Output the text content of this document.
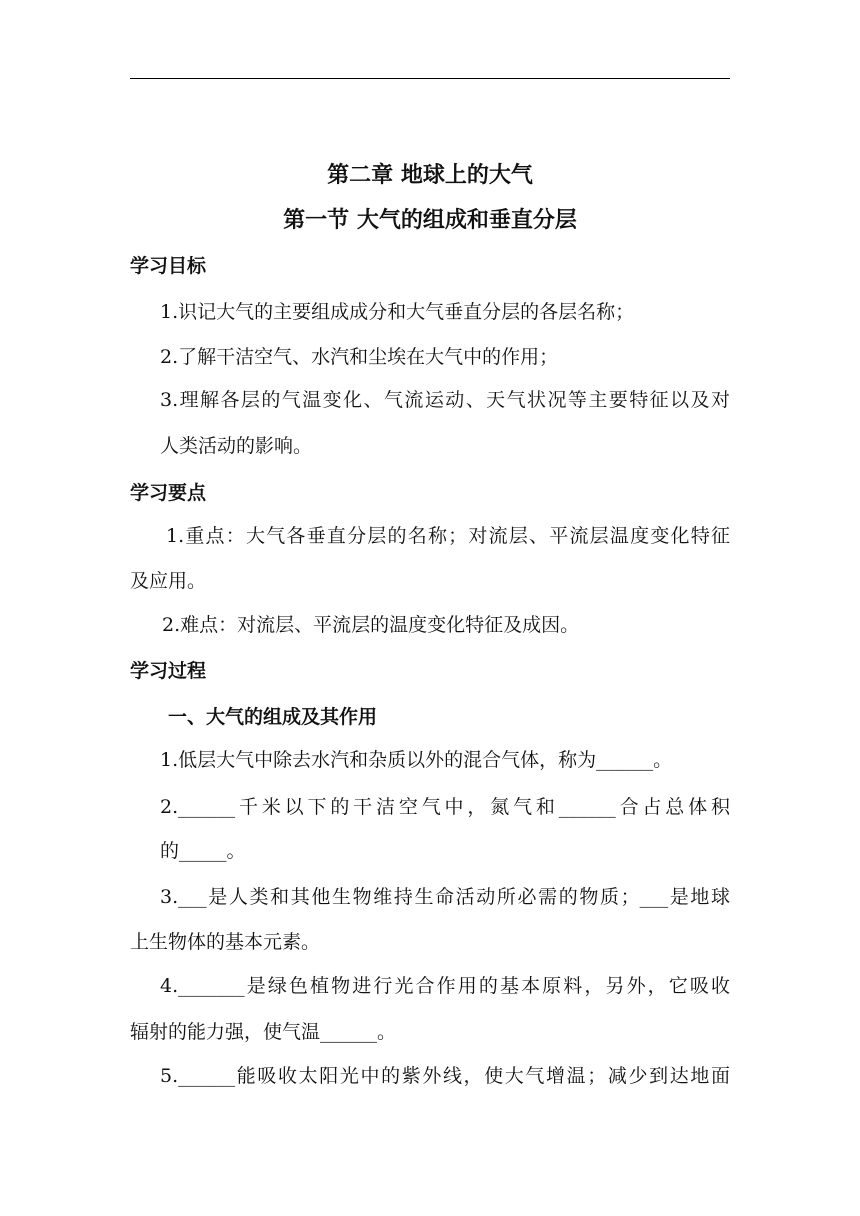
第二章 地球上的大气
第一节 大气的组成和垂直分层
学习目标
1.识记大气的主要组成成分和大气垂直分层的各层名称；
2.了解干洁空气、水汽和尘埃在大气中的作用；
3.理解各层的气温变化、气流运动、天气状况等主要特征以及对
人类活动的影响。
学习要点
1.重点：大气各垂直分层的名称；对流层、平流层温度变化特征
及应用。
2.难点：对流层、平流层的温度变化特征及成因。
学习过程
一、大气的组成及其作用
1.低层大气中除去水汽和杂质以外的混合气体，称为______。
2.______千米以下的干洁空气中，氮气和______合占总体积
的_____。
3.___是人类和其他生物维持生命活动所必需的物质；___是地球
上生物体的基本元素。
4._______是绿色植物进行光合作用的基本原料，另外，它吸收
辐射的能力强，使气温______。
5.______能吸收太阳光中的紫外线，使大气增温；减少到达地面
